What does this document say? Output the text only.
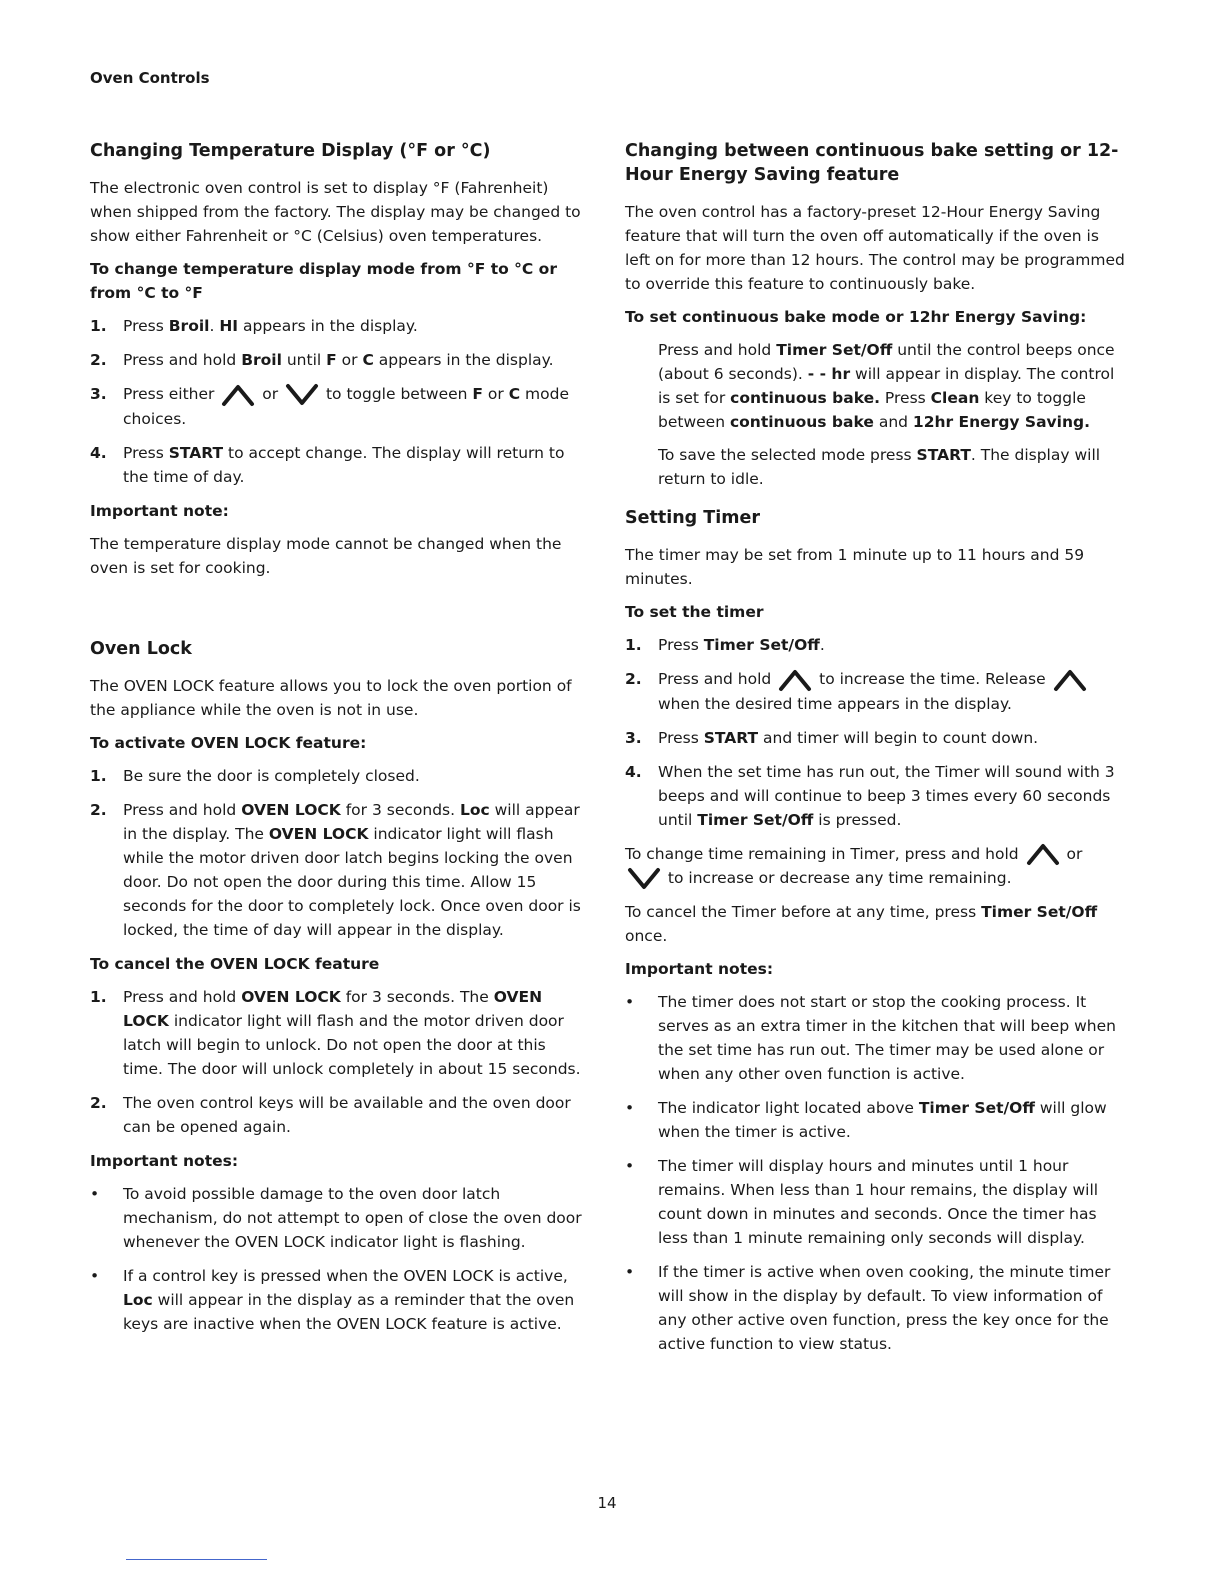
Oven Controls
Changing Temperature Display (°F or °C)

The electronic oven control is set to display °F (Fahrenheit) when shipped from the factory. The display may be changed to show either Fahrenheit or °C (Celsius) oven temperatures.

To change temperature display mode from °F to °C or from °C to °F
1. Press Broil. HI appears in the display.
2. Press and hold Broil until F or C appears in the display.
3. Press either  or  to toggle between F or C mode choices.
4. Press START to accept change. The display will return to the time of day.
Important note:

The temperature display mode cannot be changed when the oven is set for cooking.

Oven Lock

The OVEN LOCK feature allows you to lock the oven portion of the appliance while the oven is not in use.

To activate OVEN LOCK feature:
1. Be sure the door is completely closed.
2. Press and hold OVEN LOCK for 3 seconds. Loc will appear in the display. The OVEN LOCK indicator light will flash while the motor driven door latch begins locking the oven door. Do not open the door during this time. Allow 15 seconds for the door to completely lock. Once oven door is locked, the time of day will appear in the display.
To cancel the OVEN LOCK feature
1. Press and hold OVEN LOCK for 3 seconds. The OVEN LOCK indicator light will flash and the motor driven door latch will begin to unlock. Do not open the door at this time. The door will unlock completely in about 15 seconds.
2. The oven control keys will be available and the oven door can be opened again.
Important notes:
• To avoid possible damage to the oven door latch mechanism, do not attempt to open of close the oven door whenever the OVEN LOCK indicator light is flashing.
• If a control key is pressed when the OVEN LOCK is active, Loc will appear in the display as a reminder that the oven keys are inactive when the OVEN LOCK feature is active.
Changing between continuous bake setting or 12-Hour Energy Saving feature

The oven control has a factory-preset 12-Hour Energy Saving feature that will turn the oven off automatically if the oven is left on for more than 12 hours. The control may be programmed to override this feature to continuously bake.

To set continuous bake mode or 12hr Energy Saving:

Press and hold Timer Set/Off until the control beeps once (about 6 seconds). - - hr will appear in display. The control is set for continuous bake. Press Clean key to toggle between continuous bake and 12hr Energy Saving.

To save the selected mode press START. The display will return to idle.

Setting Timer

The timer may be set from 1 minute up to 11 hours and 59 minutes.

To set the timer
1. Press Timer Set/Off.
2. Press and hold  to increase the time. Release  when the desired time appears in the display.
3. Press START and timer will begin to count down.
4. When the set time has run out, the Timer will sound with 3 beeps and will continue to beep 3 times every 60 seconds until Timer Set/Off is pressed.

To change time remaining in Timer, press and hold  or  to increase or decrease any time remaining.

To cancel the Timer before at any time, press Timer Set/Off once.

Important notes:
• The timer does not start or stop the cooking process. It serves as an extra timer in the kitchen that will beep when the set time has run out. The timer may be used alone or when any other oven function is active.
• The indicator light located above Timer Set/Off will glow when the timer is active.
• The timer will display hours and minutes until 1 hour remains. When less than 1 hour remains, the display will count down in minutes and seconds. Once the timer has less than 1 minute remaining only seconds will display.
• If the timer is active when oven cooking, the minute timer will show in the display by default. To view information of any other active oven function, press the key once for the active function to view status.

14
